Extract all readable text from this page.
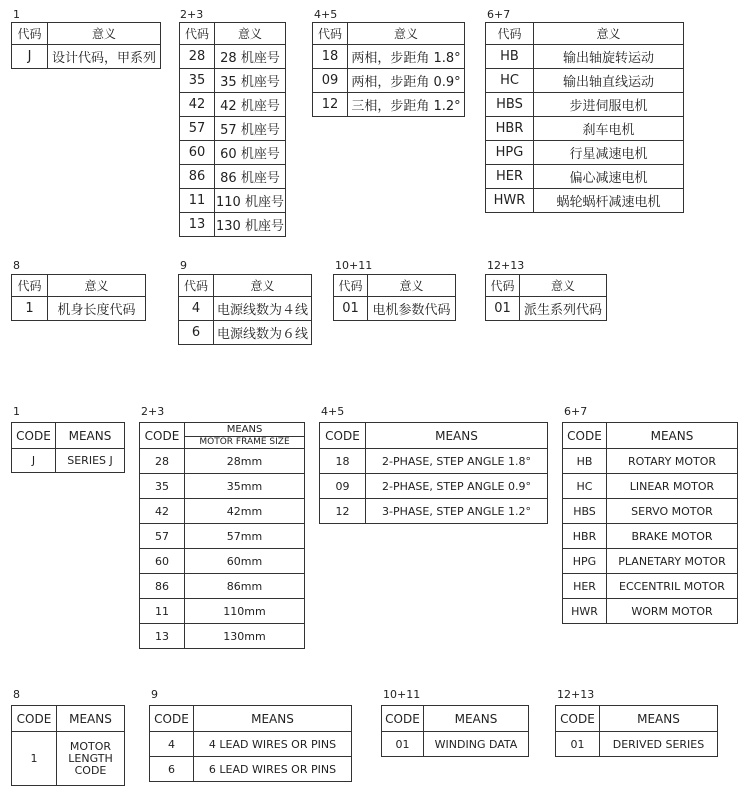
1
代码	意义
J	设计代码，甲系列
2+3
代码	意义
28	28 机座号
35	35 机座号
42	42 机座号
57	57 机座号
60	60 机座号
86	86 机座号
11	110 机座号
13	130 机座号
4+5
代码	意义
18	两相，步距角 1.8°
09	两相，步距角 0.9°
12	三相，步距角 1.2°
6+7
代码	意义
HB	输出轴旋转运动
HC	输出轴直线运动
HBS	步进伺服电机
HBR	刹车电机
HPG	行星减速电机
HER	偏心减速电机
HWR	蜗轮蜗杆减速电机
8
代码	意义
1	机身长度代码
9
代码	意义
4	电源线数为４线
6	电源线数为６线
10+11
代码	意义
01	电机参数代码
12+13
代码	意义
01	派生系列代码
1
CODE	MEANS
J	SERIES J
2+3
CODE	MEANS
MOTOR FRAME SIZE

28	28mm
35	35mm
42	42mm
57	57mm
60	60mm
86	86mm
11	110mm
13	130mm
4+5
CODE	MEANS
18	2-PHASE, STEP ANGLE 1.8°
09	2-PHASE, STEP ANGLE 0.9°
12	3-PHASE, STEP ANGLE 1.2°
6+7
CODE	MEANS
HB	ROTARY MOTOR
HC	LINEAR MOTOR
HBS	SERVO MOTOR
HBR	BRAKE MOTOR
HPG	PLANETARY MOTOR
HER	ECCENTRIL MOTOR
HWR	WORM MOTOR
8
CODE	MEANS
1	MOTOR
LENGTH
CODE
9
CODE	MEANS
4	4 LEAD WIRES OR PINS
6	6 LEAD WIRES OR PINS
10+11
CODE	MEANS
01	WINDING DATA
12+13
CODE	MEANS
01	DERIVED SERIES
